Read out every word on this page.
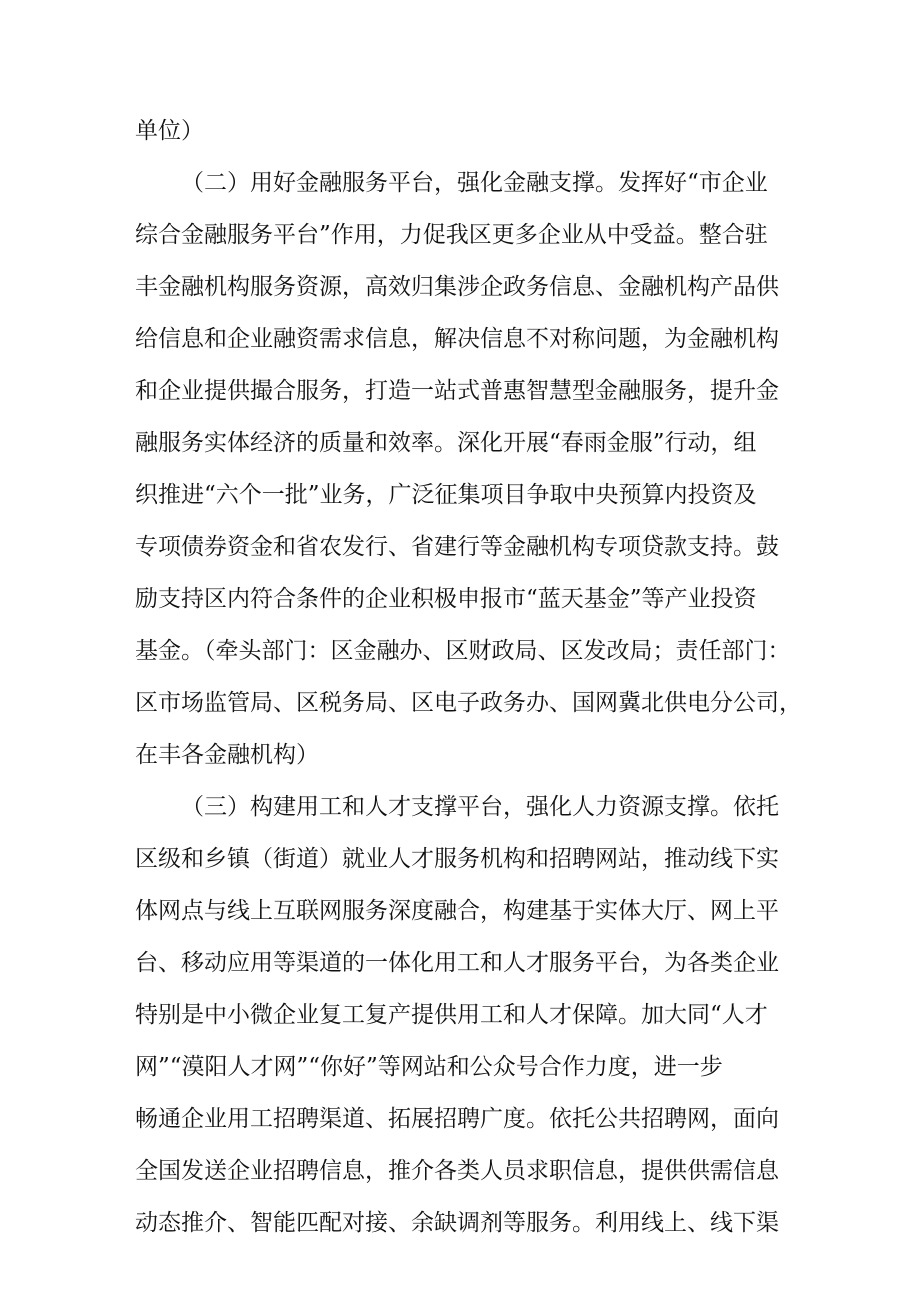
单位）
（二）用好金融服务平台，强化金融支撑。发挥好“市企业
综合金融服务平台”作用，力促我区更多企业从中受益。整合驻
丰金融机构服务资源，高效归集涉企政务信息、金融机构产品供
给信息和企业融资需求信息，解决信息不对称问题，为金融机构
和企业提供撮合服务，打造一站式普惠智慧型金融服务，提升金
融服务实体经济的质量和效率。深化开展“春雨金服”行动，组
织推进“六个一批”业务，广泛征集项目争取中央预算内投资及
专项债券资金和省农发行、省建行等金融机构专项贷款支持。鼓
励支持区内符合条件的企业积极申报市“蓝天基金”等产业投资
基金。（牵头部门：区金融办、区财政局、区发改局；责任部门：
区市场监管局、区税务局、区电子政务办、国网冀北供电分公司，
在丰各金融机构）
（三）构建用工和人才支撑平台，强化人力资源支撑。依托
区级和乡镇（街道）就业人才服务机构和招聘网站，推动线下实
体网点与线上互联网服务深度融合，构建基于实体大厅、网上平
台、移动应用等渠道的一体化用工和人才服务平台，为各类企业
特别是中小微企业复工复产提供用工和人才保障。加大同“人才
网”“漠阳人才网”“你好”等网站和公众号合作力度，进一步
畅通企业用工招聘渠道、拓展招聘广度。依托公共招聘网，面向
全国发送企业招聘信息，推介各类人员求职信息，提供供需信息
动态推介、智能匹配对接、余缺调剂等服务。利用线上、线下渠
